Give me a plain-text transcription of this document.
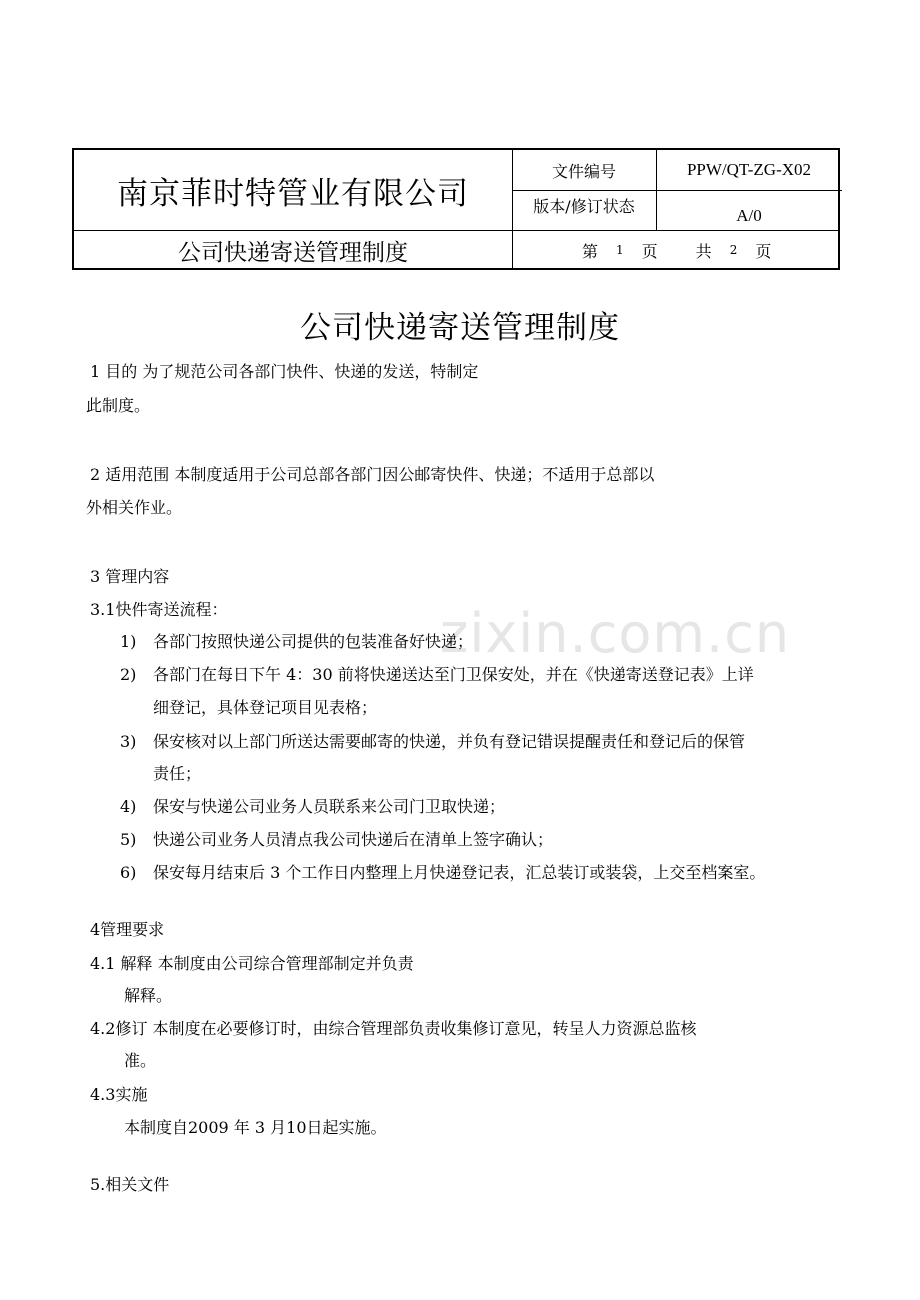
zixin.com.cn
南京菲时特管业有限公司
公司快递寄送管理制度
文件编号	PPW/QT-ZG-X02
版本/修订状态	A/0
第 1 页 共 2 页
公司快递寄送管理制度
1 目的 为了规范公司各部门快件、快递的发送，特制定
此制度。
2 适用范围 本制度适用于公司总部各部门因公邮寄快件、快递；不适用于总部以
外相关作业。
3 管理内容
3.1快件寄送流程：
1) 各部门按照快递公司提供的包装准备好快递；
2) 各部门在每日下午 4：30 前将快递送达至门卫保安处，并在《快递寄送登记表》上详
细登记，具体登记项目见表格；
3) 保安核对以上部门所送达需要邮寄的快递，并负有登记错误提醒责任和登记后的保管
责任；
4) 保安与快递公司业务人员联系来公司门卫取快递；
5) 快递公司业务人员清点我公司快递后在清单上签字确认；
6) 保安每月结束后 3 个工作日内整理上月快递登记表，汇总装订或装袋，上交至档案室。
4管理要求
4.1 解释 本制度由公司综合管理部制定并负责
解释。
4.2修订 本制度在必要修订时，由综合管理部负责收集修订意见，转呈人力资源总监核
准。
4.3实施
本制度自2009 年 3 月10日起实施。
5.相关文件
